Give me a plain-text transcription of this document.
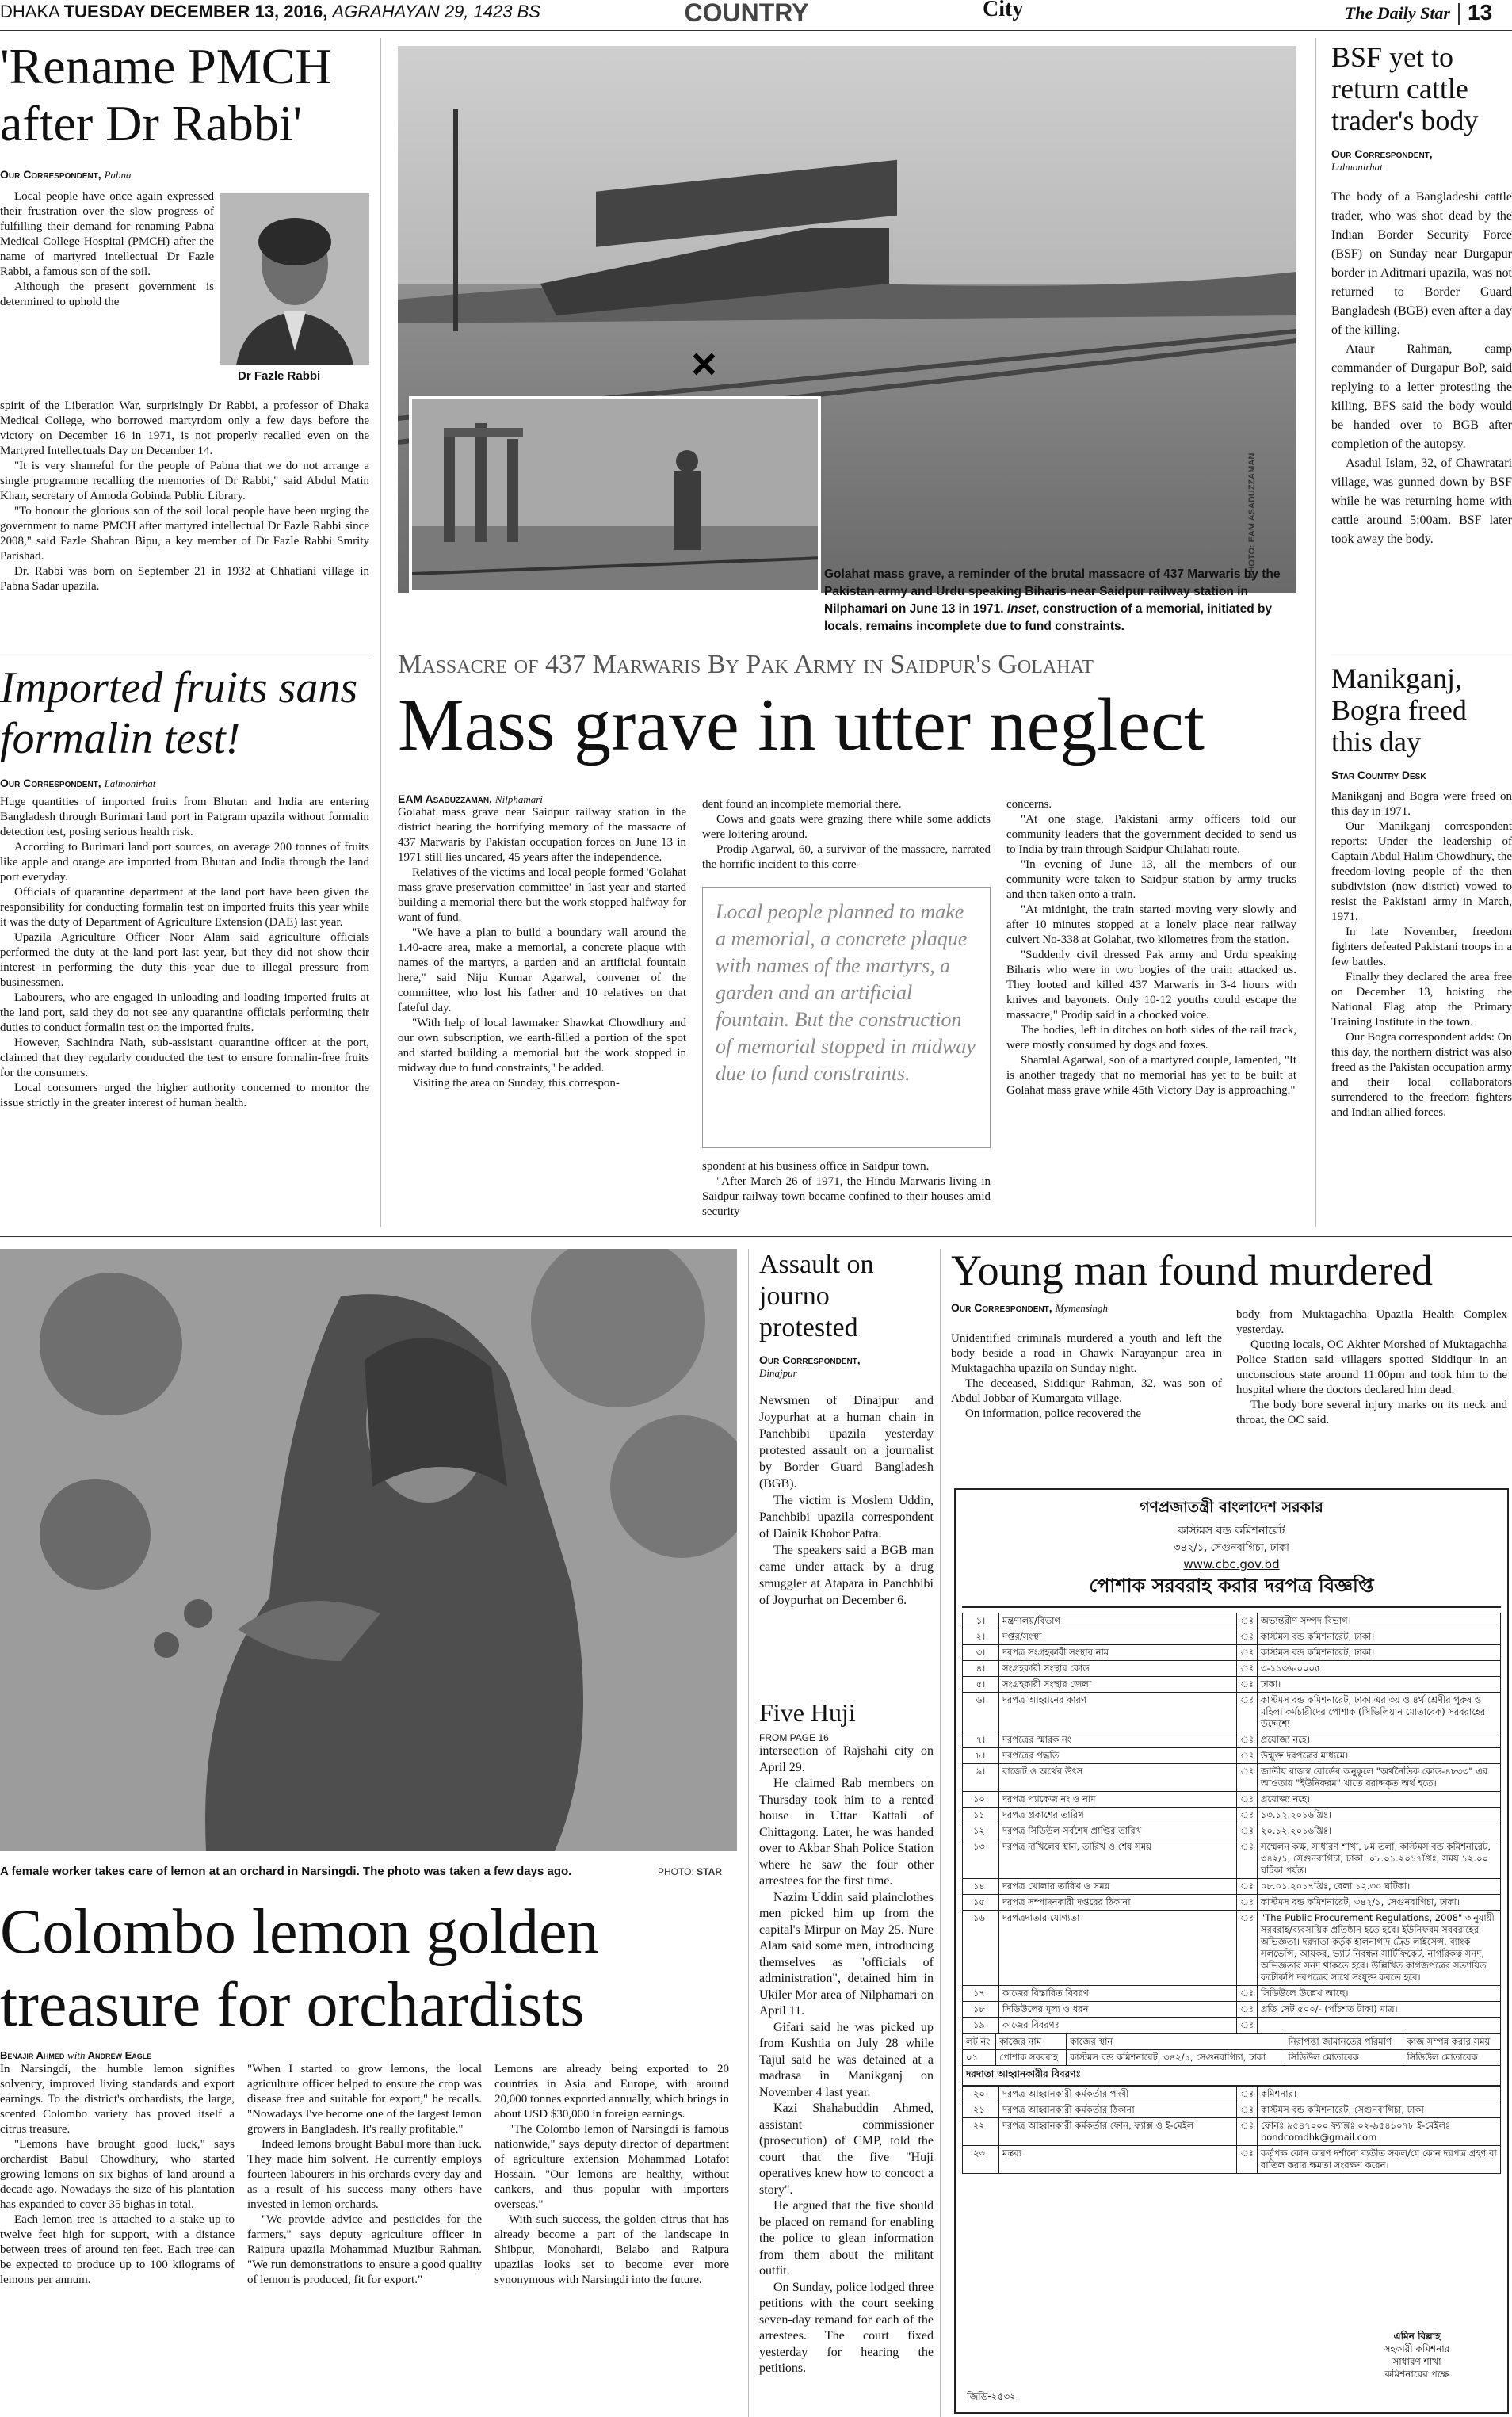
DHAKA TUESDAY DECEMBER 13, 2016, AGRAHAYAN 29, 1423 BS	COUNTRY	City	The Daily Star 13
'Rename PMCH after Dr Rabbi'
Our Correspondent, Pabna

Local people have once again expressed their frustration over the slow progress of fulfilling their demand for renaming Pabna Medical College Hospital (PMCH) after the name of martyred intellectual Dr Fazle Rabbi, a famous son of the soil.

Although the present government is determined to uphold the

Dr Fazle Rabbi

spirit of the Liberation War, surprisingly Dr Rabbi, a professor of Dhaka Medical College, who borrowed martyrdom only a few days before the victory on December 16 in 1971, is not properly recalled even on the Martyred Intellectuals Day on December 14.

"It is very shameful for the people of Pabna that we do not arrange a single programme recalling the memories of Dr Rabbi," said Abdul Matin Khan, secretary of Annoda Gobinda Public Library.

"To honour the glorious son of the soil local people have been urging the government to name PMCH after martyred intellectual Dr Fazle Rabbi since 2008," said Fazle Shahran Bipu, a key member of Dr Fazle Rabbi Smrity Parishad.

Dr. Rabbi was born on September 21 in 1932 at Chhatiani village in Pabna Sadar upazila.

Imported fruits sans formalin test!
Our Correspondent, Lalmonirhat

Huge quantities of imported fruits from Bhutan and India are entering Bangladesh through Burimari land port in Patgram upazila without formalin detection test, posing serious health risk.

According to Burimari land port sources, on average 200 tonnes of fruits like apple and orange are imported from Bhutan and India through the land port everyday.

Officials of quarantine department at the land port have been given the responsibility for conducting formalin test on imported fruits this year while it was the duty of Department of Agriculture Extension (DAE) last year.

Upazila Agriculture Officer Noor Alam said agriculture officials performed the duty at the land port last year, but they did not show their interest in performing the duty this year due to illegal pressure from businessmen.

Labourers, who are engaged in unloading and loading imported fruits at the land port, said they do not see any quarantine officials performing their duties to conduct formalin test on the imported fruits.

However, Sachindra Nath, sub-assistant quarantine officer at the port, claimed that they regularly conducted the test to ensure formalin-free fruits for the consumers.

Local consumers urged the higher authority concerned to monitor the issue strictly in the greater interest of human health.

×
PHOTO: EAM ASADUZZAMAN
Golahat mass grave, a reminder of the brutal massacre of 437 Marwaris by the Pakistan army and Urdu speaking Biharis near Saidpur railway station in Nilphamari on June 13 in 1971. Inset, construction of a memorial, initiated by locals, remains incomplete due to fund constraints.
Massacre of 437 Marwaris By Pak Army in Saidpur's Golahat
Mass grave in utter neglect
EAM Asaduzzaman, Nilphamari

Golahat mass grave near Saidpur railway station in the district bearing the horrifying memory of the massacre of 437 Marwaris by Pakistan occupation forces on June 13 in 1971 still lies uncared, 45 years after the independence.

Relatives of the victims and local people formed 'Golahat mass grave preservation committee' in last year and started building a memorial there but the work stopped halfway for want of fund.

"We have a plan to build a boundary wall around the 1.40-acre area, make a memorial, a concrete plaque with names of the martyrs, a garden and an artificial fountain here," said Niju Kumar Agarwal, convener of the committee, who lost his father and 10 relatives on that fateful day.

"With help of local lawmaker Shawkat Chowdhury and our own subscription, we earth-filled a portion of the spot and started building a memorial but the work stopped in midway due to fund constraints," he added.

Visiting the area on Sunday, this correspon-

dent found an incomplete memorial there.

Cows and goats were grazing there while some addicts were loitering around.

Prodip Agarwal, 60, a survivor of the massacre, narrated the horrific incident to this corre-

Local people planned to make a memorial, a concrete plaque with names of the martyrs, a garden and an artificial fountain. But the construction of memorial stopped in midway due to fund constraints.

spondent at his business office in Saidpur town.

"After March 26 of 1971, the Hindu Marwaris living in Saidpur railway town became confined to their houses amid security

concerns.

"At one stage, Pakistani army officers told our community leaders that the government decided to send us to India by train through Saidpur-Chilahati route.

"In evening of June 13, all the members of our community were taken to Saidpur station by army trucks and then taken onto a train.

"At midnight, the train started moving very slowly and after 10 minutes stopped at a lonely place near railway culvert No-338 at Golahat, two kilometres from the station.

"Suddenly civil dressed Pak army and Urdu speaking Biharis who were in two bogies of the train attacked us. They looted and killed 437 Marwaris in 3-4 hours with knives and bayonets. Only 10-12 youths could escape the massacre," Prodip said in a chocked voice.

The bodies, left in ditches on both sides of the rail track, were mostly consumed by dogs and foxes.

Shamlal Agarwal, son of a martyred couple, lamented, "It is another tragedy that no memorial has yet to be built at Golahat mass grave while 45th Victory Day is approaching."

BSF yet to return cattle trader's body
Our Correspondent,
Lalmonirhat

The body of a Bangladeshi cattle trader, who was shot dead by the Indian Border Security Force (BSF) on Sunday near Durgapur border in Aditmari upazila, was not returned to Border Guard Bangladesh (BGB) even after a day of the killing.

Ataur Rahman, camp commander of Durgapur BoP, said replying to a letter protesting the killing, BFS said the body would be handed over to BGB after completion of the autopsy.

Asadul Islam, 32, of Chawratari village, was gunned down by BSF while he was returning home with cattle around 5:00am. BSF later took away the body.

Manikganj, Bogra freed this day
Star Country Desk

Manikganj and Bogra were freed on this day in 1971.

Our Manikganj correspondent reports: Under the leadership of Captain Abdul Halim Chowdhury, the freedom-loving people of the then subdivision (now district) vowed to resist the Pakistani army in March, 1971.

In late November, freedom fighters defeated Pakistani troops in a few battles.

Finally they declared the area free on December 13, hoisting the National Flag atop the Primary Training Institute in the town.

Our Bogra correspondent adds: On this day, the northern district was also freed as the Pakistan occupation army and their local collaborators surrendered to the freedom fighters and Indian allied forces.

A female worker takes care of lemon at an orchard in Narsingdi. The photo was taken a few days ago.	PHOTO: STAR
Colombo lemon golden treasure for orchardists
Benajir Ahmed with Andrew Eagle

In Narsingdi, the humble lemon signifies solvency, improved living standards and export earnings. To the district's orchardists, the large, scented Colombo variety has proved itself a citrus treasure.

"Lemons have brought good luck," says orchardist Babul Chowdhury, who started growing lemons on six bighas of land around a decade ago. Nowadays the size of his plantation has expanded to cover 35 bighas in total.

Each lemon tree is attached to a stake up to twelve feet high for support, with a distance between trees of around ten feet. Each tree can be expected to produce up to 100 kilograms of lemons per annum.

"When I started to grow lemons, the local agriculture officer helped to ensure the crop was disease free and suitable for export," he recalls. "Nowadays I've become one of the largest lemon growers in Bangladesh. It's really profitable."

Indeed lemons brought Babul more than luck. They made him solvent. He currently employs fourteen labourers in his orchards every day and as a result of his success many others have invested in lemon orchards.

"We provide advice and pesticides for the farmers," says deputy agriculture officer in Raipura upazila Mohammad Muzibur Rahman. "We run demonstrations to ensure a good quality of lemon is produced, fit for export."

Lemons are already being exported to 20 countries in Asia and Europe, with around 20,000 tonnes exported annually, which brings in about USD $30,000 in foreign earnings.

"The Colombo lemon of Narsingdi is famous nationwide," says deputy director of department of agriculture extension Mohammad Lotafot Hossain. "Our lemons are healthy, without cankers, and thus popular with importers overseas."

With such success, the golden citrus that has already become a part of the landscape in Shibpur, Monohardi, Belabo and Raipura upazilas looks set to become ever more synonymous with Narsingdi into the future.

Assault on journo protested
Our Correspondent,
Dinajpur

Newsmen of Dinajpur and Joypurhat at a human chain in Panchbibi upazila yesterday protested assault on a journalist by Border Guard Bangladesh (BGB).

The victim is Moslem Uddin, Panchbibi upazila correspondent of Dainik Khobor Patra.

The speakers said a BGB man came under attack by a drug smuggler at Atapara in Panchbibi of Joypurhat on December 6.

Five Huji
FROM PAGE 16

intersection of Rajshahi city on April 29.

He claimed Rab members on Thursday took him to a rented house in Uttar Kattali of Chittagong. Later, he was handed over to Akbar Shah Police Station where he saw the four other arrestees for the first time.

Nazim Uddin said plainclothes men picked him up from the capital's Mirpur on May 25. Nure Alam said some men, introducing themselves as "officials of administration", detained him in Ukiler Mor area of Nilphamari on April 11.

Gifari said he was picked up from Kushtia on July 28 while Tajul said he was detained at a madrasa in Manikganj on November 4 last year.

Kazi Shahabuddin Ahmed, assistant commissioner (prosecution) of CMP, told the court that the five "Huji operatives knew how to concoct a story".

He argued that the five should be placed on remand for enabling the police to glean information from them about the militant outfit.

On Sunday, police lodged three petitions with the court seeking seven-day remand for each of the arrestees. The court fixed yesterday for hearing the petitions.

Young man found murdered
Our Correspondent, Mymensingh

Unidentified criminals murdered a youth and left the body beside a road in Chawk Narayanpur area in Muktagachha upazila on Sunday night.

The deceased, Siddiqur Rahman, 32, was son of Abdul Jobbar of Kumargata village.

On information, police recovered the

body from Muktagachha Upazila Health Complex yesterday.

Quoting locals, OC Akhter Morshed of Muktagachha Police Station said villagers spotted Siddiqur in an unconscious state around 11:00pm and took him to the hospital where the doctors declared him dead.

The body bore several injury marks on its neck and throat, the OC said.

গণপ্রজাতন্ত্রী বাংলাদেশ সরকার
কাস্টমস বন্ড কমিশনারেট
৩৪২/১, সেগুনবাগিচা, ঢাকা
www.cbc.gov.bd
পোশাক সরবরাহ করার দরপত্র বিজ্ঞপ্তি
১।	মন্ত্রণালয়/বিভাগ	ঃ	অভ্যন্তরীণ সম্পদ বিভাগ।
২।	দপ্তর/সংস্থা	ঃ	কাস্টমস বন্ড কমিশনারেট, ঢাকা।
৩।	দরপত্র সংগ্রহকারী সংস্থার নাম	ঃ	কাস্টমস বন্ড কমিশনারেট, ঢাকা।
৪।	সংগ্রহকারী সংস্থার কোড	ঃ	৩-১১৩৬-০০০৫
৫।	সংগ্রহকারী সংস্থার জেলা	ঃ	ঢাকা।
৬।	দরপত্র আহ্বানের কারণ	ঃ	কাস্টমস বন্ড কমিশনারেট, ঢাকা এর ৩য় ও ৪র্থ শ্রেণীর পুরুষ ও মহিলা কর্মচারীদের পোশাক (সিভিলিয়ান মোতাবেক) সরবরাহের উদ্দেশ্যে।
৭।	দরপত্রের স্মারক নং	ঃ	প্রযোজ্য নহে।
৮।	দরপত্রের পদ্ধতি	ঃ	উন্মুক্ত দরপত্রের মাধ্যমে।
৯।	বাজেট ও অর্থের উৎস	ঃ	জাতীয় রাজস্ব বোর্ডের অনুকূলে "অর্থনৈতিক কোড-৪৮৩৩" এর আওতায় "ইউনিফরম" খাতে বরাদ্দকৃত অর্থ হতে।
১০।	দরপত্র প্যাকেজ নং ও নাম	ঃ	প্রযোজ্য নহে।
১১।	দরপত্র প্রকাশের তারিখ	ঃ	১৩.১২.২০১৬খ্রিঃ।
১২।	দরপত্র সিডিউল সর্বশেষ প্রাপ্তির তারিখ	ঃ	২০.১২.২০১৬খ্রিঃ।
১৩।	দরপত্র দাখিলের স্থান, তারিখ ও শেষ সময়	ঃ	সম্মেলন কক্ষ, সাধারণ শাখা, ৮ম তলা, কাস্টমস বন্ড কমিশনারেট, ৩৪২/১, সেগুনবাগিচা, ঢাকা। ০৮.০১.২০১৭খ্রিঃ, সময় ১২.০০ ঘটিকা পর্যন্ত।
১৪।	দরপত্র খোলার তারিখ ও সময়	ঃ	০৮.০১.২০১৭খ্রিঃ, বেলা ১২.৩০ ঘটিকা।
১৫।	দরপত্র সম্পাদনকারী দপ্তরের ঠিকানা	ঃ	কাস্টমস বন্ড কমিশনারেট, ৩৪২/১, সেগুনবাগিচা, ঢাকা।
১৬।	দরপত্রদাতার যোগ্যতা	ঃ	"The Public Procurement Regulations, 2008" অনুযায়ী সরবরাহ/ব্যবসায়িক প্রতিষ্ঠান হতে হবে। ইউনিফরম সরবরাহের অভিজ্ঞতা। দরদাতা কর্তৃক হালনাগাদ ট্রেড লাইসেন্স, ব্যাংক সলভেন্সি, আয়কর, ভ্যাট নিবন্ধন সার্টিফিকেট, নাগরিকত্ব সনদ, অভিজ্ঞতার সনদ থাকতে হবে। উল্লিখিত কাগজপত্রের সত্যায়িত ফটোকপি দরপত্রের সাথে সংযুক্ত করতে হবে।
১৭।	কাজের বিস্তারিত বিবরণ	ঃ	সিডিউলে উল্লেখ আছে।
১৮।	সিডিউলের মূল্য ও ধরন	ঃ	প্রতি সেট ৫০০/- (পাঁচশত টাকা) মাত্র।
১৯।	কাজের বিবরণঃ	ঃ	
লট নং	কাজের নাম	কাজের স্থান	নিরাপত্তা জামানতের পরিমাণ	কাজ সম্পন্ন করার সময়
০১	পোশাক সরবরাহ	কাস্টমস বন্ড কমিশনারেট, ৩৪২/১, সেগুনবাগিচা, ঢাকা	সিডিউল মোতাবেক	সিডিউল মোতাবেক
দরদাতা আহ্বানকারীর বিবরণঃ
২০।	দরপত্র আহ্বানকারী কর্মকর্তার পদবী	ঃ	কমিশনার।
২১।	দরপত্র আহ্বানকারী কর্মকর্তার ঠিকানা	ঃ	কাস্টমস বন্ড কমিশনারেট, সেগুনবাগিচা, ঢাকা।
২২।	দরপত্র আহ্বানকারী কর্মকর্তার ফোন, ফ্যাক্স ও ই-মেইল	ঃ	ফোনঃ ৯৫৪৭০০০ ফ্যাক্সঃ ০২-৯৫৪১০৭৮ ই-মেইলঃ bondcomdhk@gmail.com
২৩।	মন্তব্য	ঃ	কর্তৃপক্ষ কোন কারণ দর্শানো ব্যতীত সকল/যে কোন দরপত্র গ্রহণ বা বাতিল করার ক্ষমতা সংরক্ষণ করেন।
এমিন বিল্লাহ
সহকারী কমিশনার
সাধারণ শাখা
কমিশনারের পক্ষে
জিডি-২৫৩২
